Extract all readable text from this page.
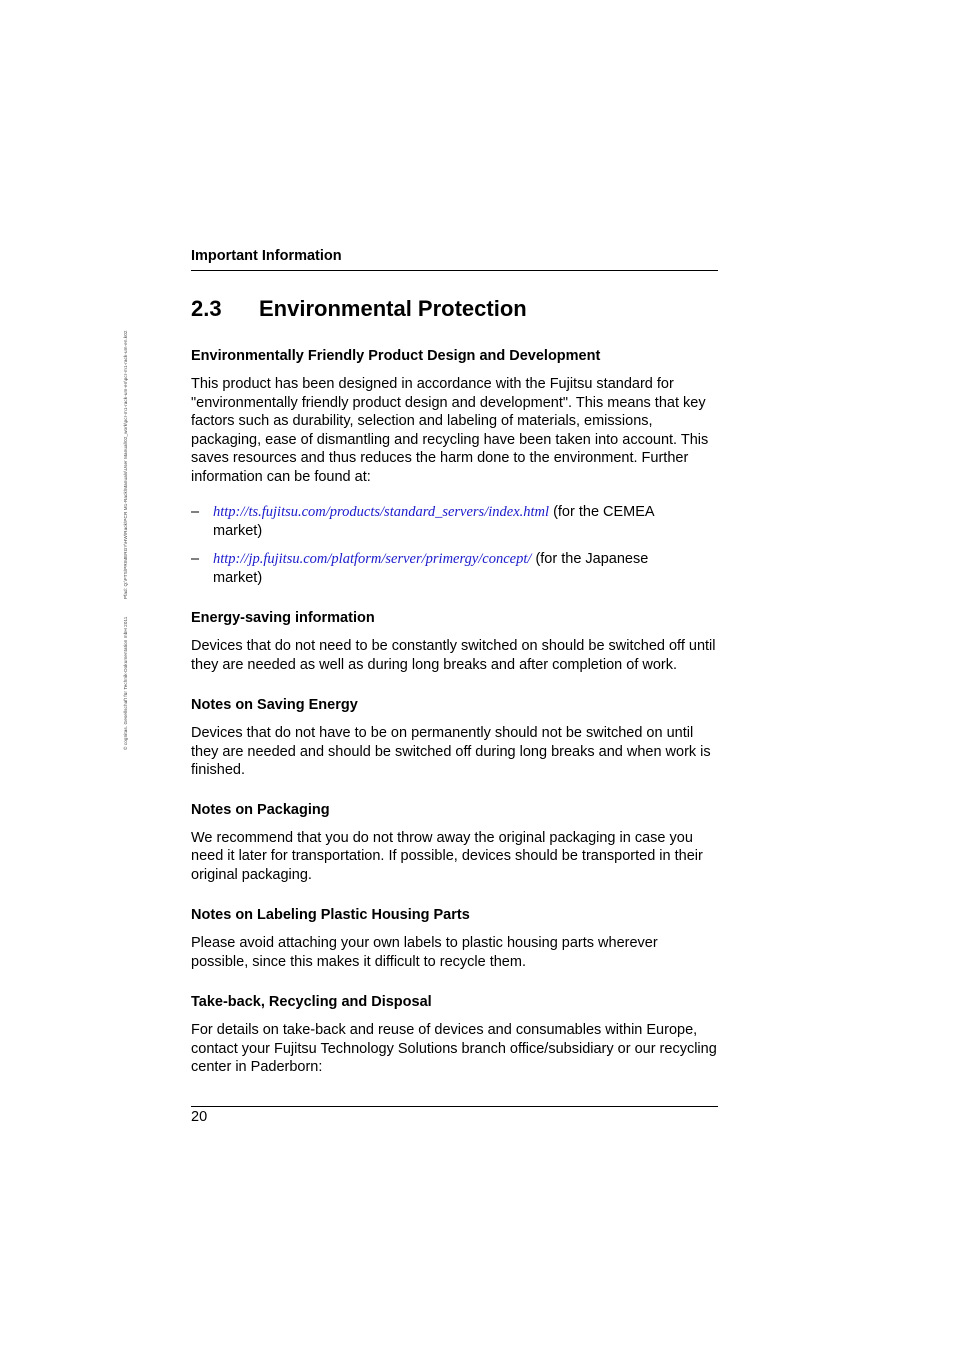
© cognitas. Gesellschaft für Technik-Dokumentation mbH 2011 Pfad: Q:\FTS\PRIMERGY\HW\Rack\PCR M1-Rack\Manuals\User Manual\02_work\pcr-m1-rack-um-en\pcr-m1-rack-um-en.k02
Important Information
2.3	Environmental Protection
Environmentally Friendly Product Design and Development

This product has been designed in accordance with the Fujitsu standard for "environmentally friendly product design and development". This means that key factors such as durability, selection and labeling of materials, emissions, packaging, ease of dismantling and recycling have been taken into account. This saves resources and thus reduces the harm done to the environment. Further information can be found at:

– http://ts.fujitsu.com/products/standard_servers/index.html (for the CEMEA market)
– http://jp.fujitsu.com/platform/server/primergy/concept/ (for the Japanese market)
Energy-saving information

Devices that do not need to be constantly switched on should be switched off until they are needed as well as during long breaks and after completion of work.

Notes on Saving Energy

Devices that do not have to be on permanently should not be switched on until they are needed and should be switched off during long breaks and when work is finished.

Notes on Packaging

We recommend that you do not throw away the original packaging in case you need it later for transportation. If possible, devices should be transported in their original packaging.

Notes on Labeling Plastic Housing Parts

Please avoid attaching your own labels to plastic housing parts wherever possible, since this makes it difficult to recycle them.

Take-back, Recycling and Disposal

For details on take-back and reuse of devices and consumables within Europe, contact your Fujitsu Technology Solutions branch office/subsidiary or our recycling center in Paderborn:

20
